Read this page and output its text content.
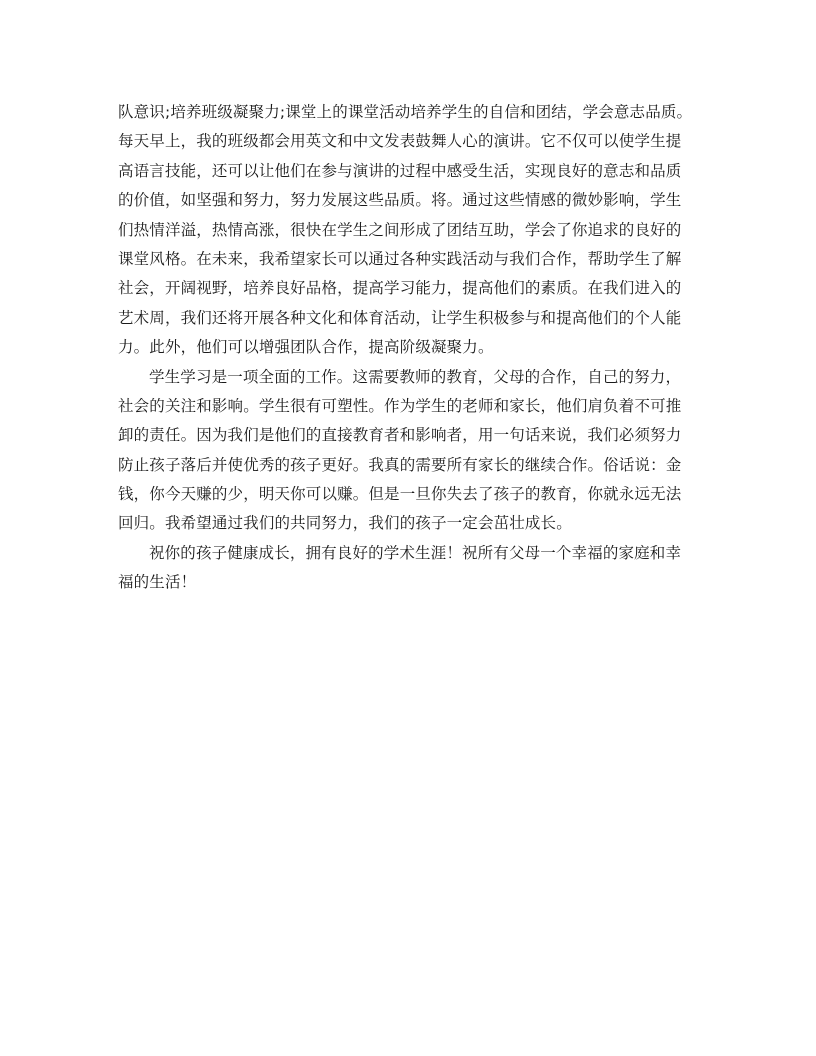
队意识;培养班级凝聚力;课堂上的课堂活动培养学生的自信和团结，学会意志品质。
每天早上，我的班级都会用英文和中文发表鼓舞人心的演讲。它不仅可以使学生提
高语言技能，还可以让他们在参与演讲的过程中感受生活，实现良好的意志和品质
的价值，如坚强和努力，努力发展这些品质。将。通过这些情感的微妙影响，学生
们热情洋溢，热情高涨，很快在学生之间形成了团结互助，学会了你追求的良好的
课堂风格。在未来，我希望家长可以通过各种实践活动与我们合作，帮助学生了解
社会，开阔视野，培养良好品格，提高学习能力，提高他们的素质。在我们进入的
艺术周，我们还将开展各种文化和体育活动，让学生积极参与和提高他们的个人能
力。此外，他们可以增强团队合作，提高阶级凝聚力。
学生学习是一项全面的工作。这需要教师的教育，父母的合作，自己的努力，
社会的关注和影响。学生很有可塑性。作为学生的老师和家长，他们肩负着不可推
卸的责任。因为我们是他们的直接教育者和影响者，用一句话来说，我们必须努力
防止孩子落后并使优秀的孩子更好。我真的需要所有家长的继续合作。俗话说：金
钱，你今天赚的少，明天你可以赚。但是一旦你失去了孩子的教育，你就永远无法
回归。我希望通过我们的共同努力，我们的孩子一定会茁壮成长。
祝你的孩子健康成长，拥有良好的学术生涯！祝所有父母一个幸福的家庭和幸
福的生活！
